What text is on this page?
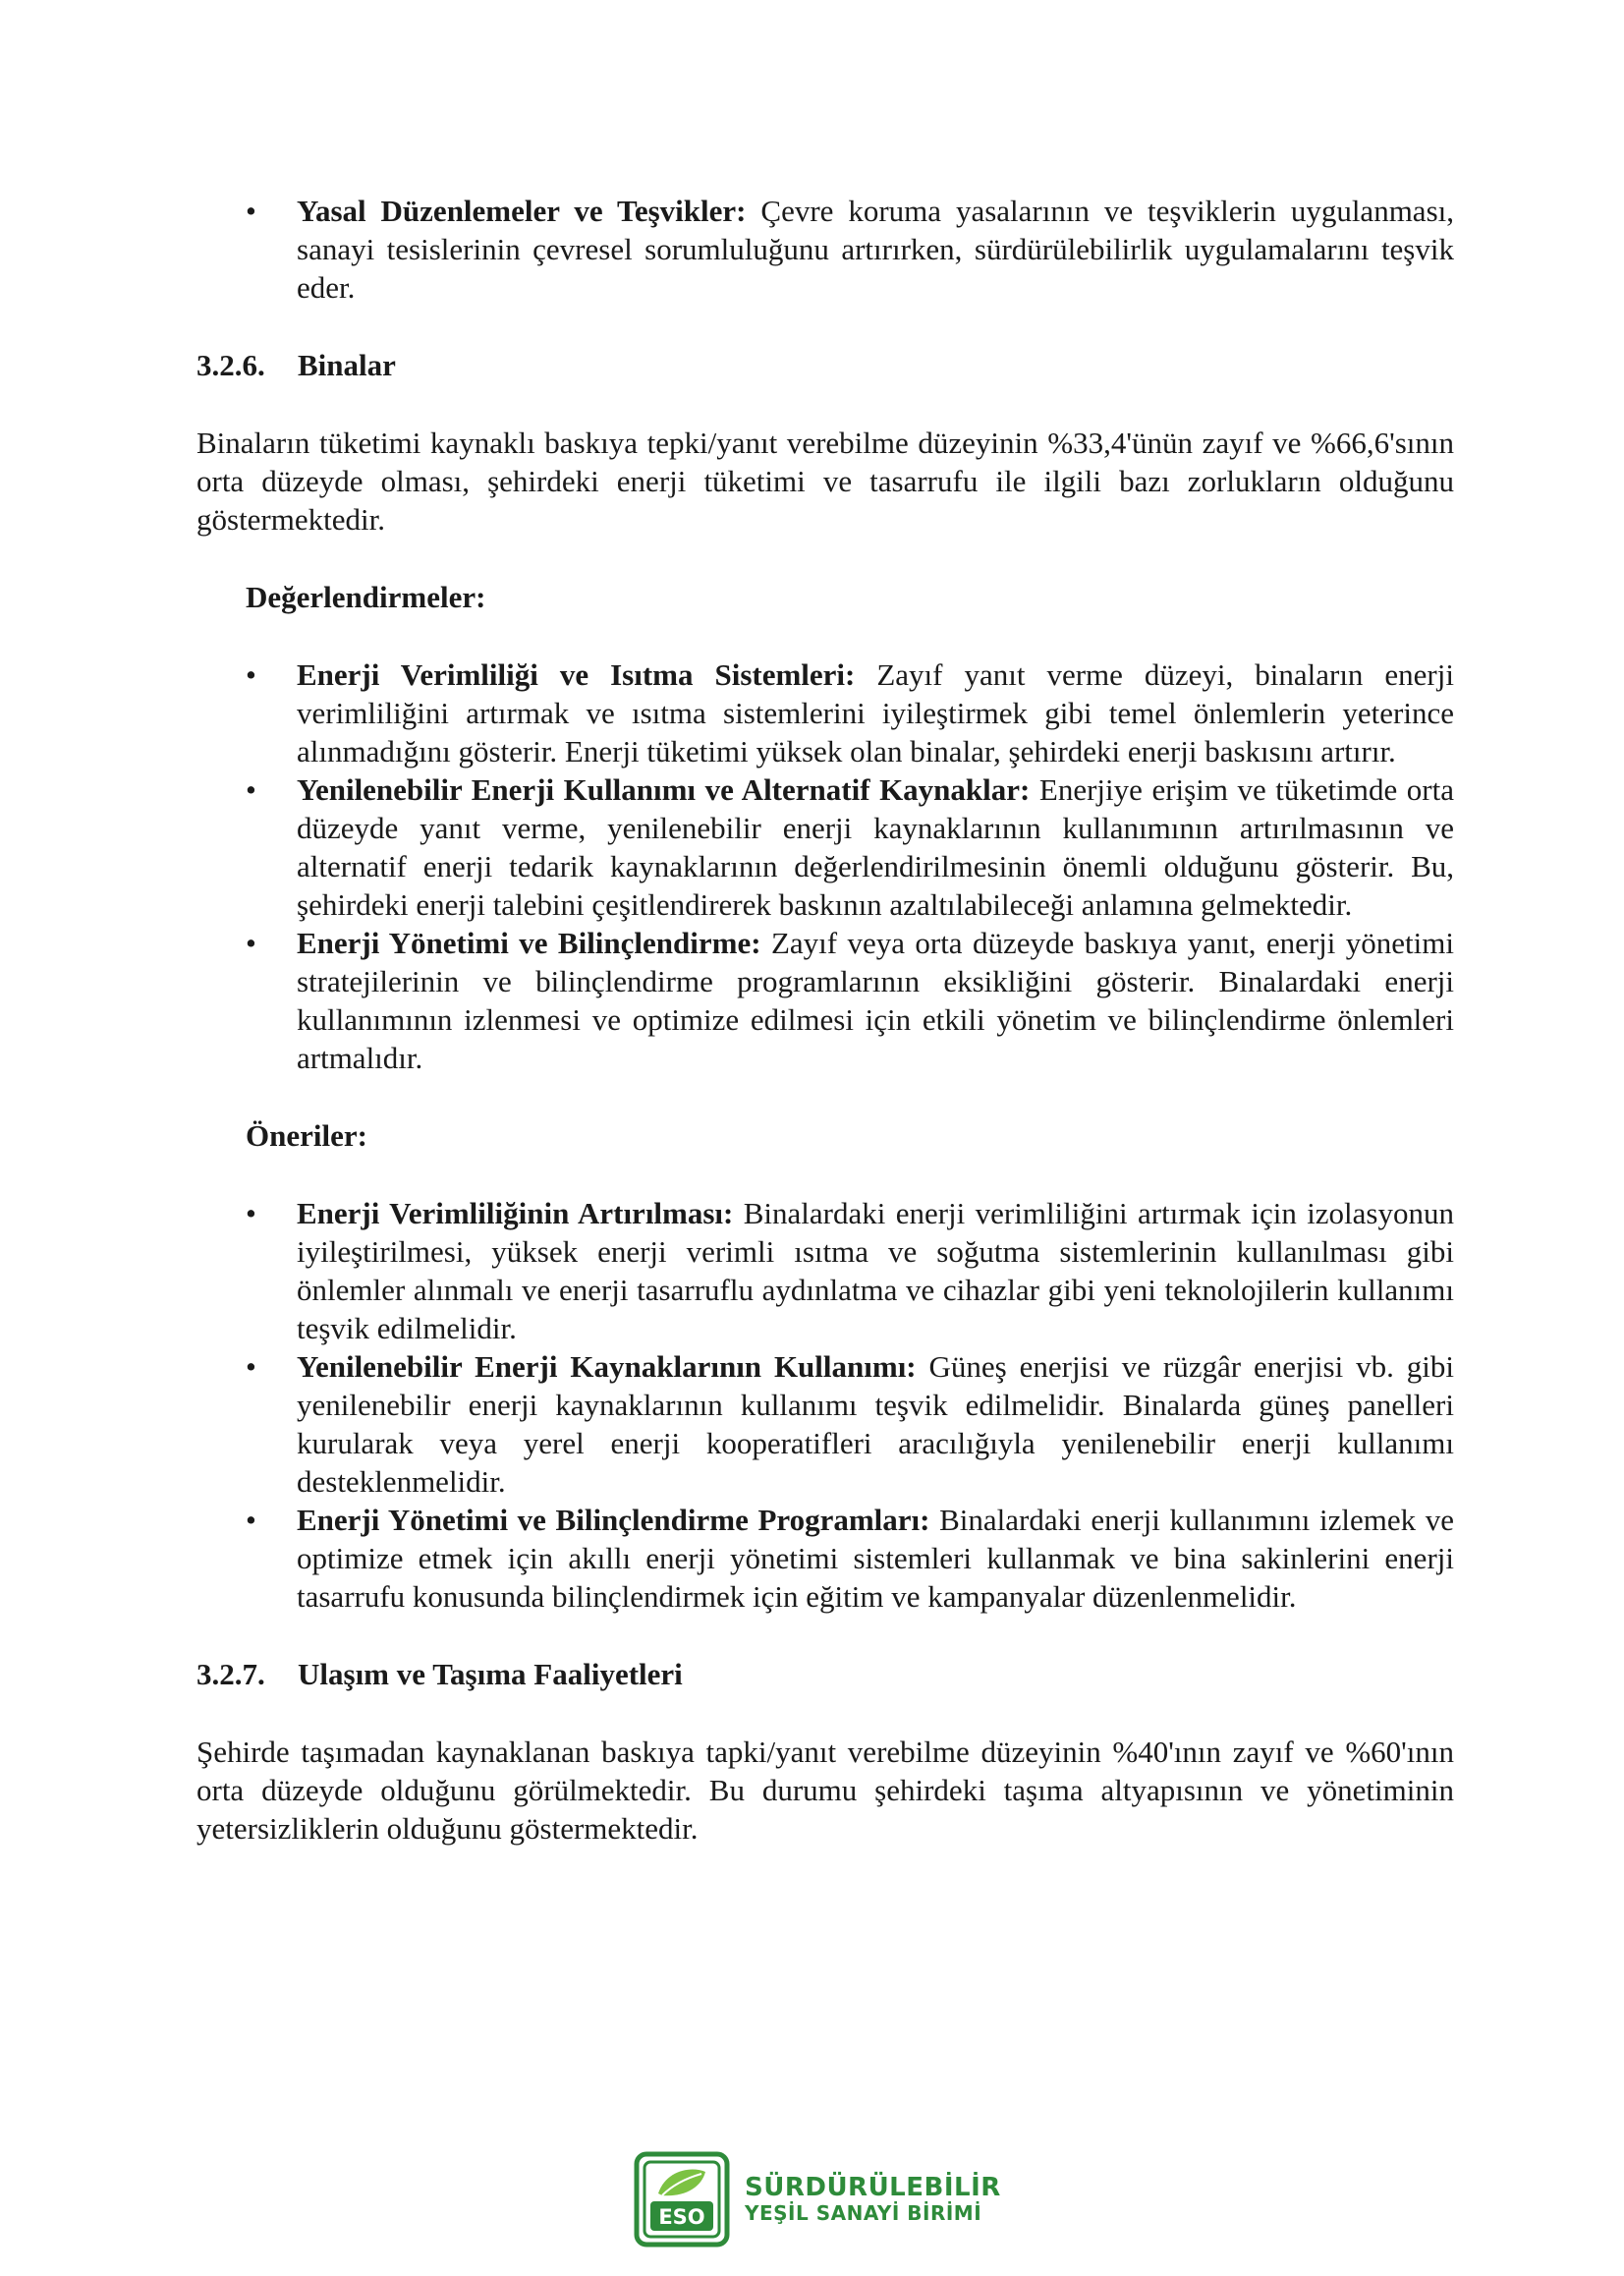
• Yasal Düzenlemeler ve Teşvikler: Çevre koruma yasalarının ve teşviklerin uygulanması, sanayi tesislerinin çevresel sorumluluğunu artırırken, sürdürülebilirlik uygulamalarını teşvik eder.
3.2.6. Binalar

Binaların tüketimi kaynaklı baskıya tepki/yanıt verebilme düzeyinin %33,4'ünün zayıf ve %66,6'sının orta düzeyde olması, şehirdeki enerji tüketimi ve tasarrufu ile ilgili bazı zorlukların olduğunu göstermektedir.

Değerlendirmeler:
• Enerji Verimliliği ve Isıtma Sistemleri: Zayıf yanıt verme düzeyi, binaların enerji verimliliğini artırmak ve ısıtma sistemlerini iyileştirmek gibi temel önlemlerin yeterince alınmadığını gösterir. Enerji tüketimi yüksek olan binalar, şehirdeki enerji baskısını artırır.
• Yenilenebilir Enerji Kullanımı ve Alternatif Kaynaklar: Enerjiye erişim ve tüketimde orta düzeyde yanıt verme, yenilenebilir enerji kaynaklarının kullanımının artırılmasının ve alternatif enerji tedarik kaynaklarının değerlendirilmesinin önemli olduğunu gösterir. Bu, şehirdeki enerji talebini çeşitlendirerek baskının azaltılabileceği anlamına gelmektedir.
• Enerji Yönetimi ve Bilinçlendirme: Zayıf veya orta düzeyde baskıya yanıt, enerji yönetimi stratejilerinin ve bilinçlendirme programlarının eksikliğini gösterir. Binalardaki enerji kullanımının izlenmesi ve optimize edilmesi için etkili yönetim ve bilinçlendirme önlemleri artmalıdır.
Öneriler:
• Enerji Verimliliğinin Artırılması: Binalardaki enerji verimliliğini artırmak için izolasyonun iyileştirilmesi, yüksek enerji verimli ısıtma ve soğutma sistemlerinin kullanılması gibi önlemler alınmalı ve enerji tasarruflu aydınlatma ve cihazlar gibi yeni teknolojilerin kullanımı teşvik edilmelidir.
• Yenilenebilir Enerji Kaynaklarının Kullanımı: Güneş enerjisi ve rüzgâr enerjisi vb. gibi yenilenebilir enerji kaynaklarının kullanımı teşvik edilmelidir. Binalarda güneş panelleri kurularak veya yerel enerji kooperatifleri aracılığıyla yenilenebilir enerji kullanımı desteklenmelidir.
• Enerji Yönetimi ve Bilinçlendirme Programları: Binalardaki enerji kullanımını izlemek ve optimize etmek için akıllı enerji yönetimi sistemleri kullanmak ve bina sakinlerini enerji tasarrufu konusunda bilinçlendirmek için eğitim ve kampanyalar düzenlenmelidir.
3.2.7. Ulaşım ve Taşıma Faaliyetleri

Şehirde taşımadan kaynaklanan baskıya tapki/yanıt verebilme düzeyinin %40'ının zayıf ve %60'ının orta düzeyde olduğunu görülmektedir. Bu durumu şehirdeki taşıma altyapısının ve yönetiminin yetersizliklerin olduğunu göstermektedir.

ESO
SÜRDÜRÜLEBİLİR
YEŞİL SANAYİ BİRİMİ
